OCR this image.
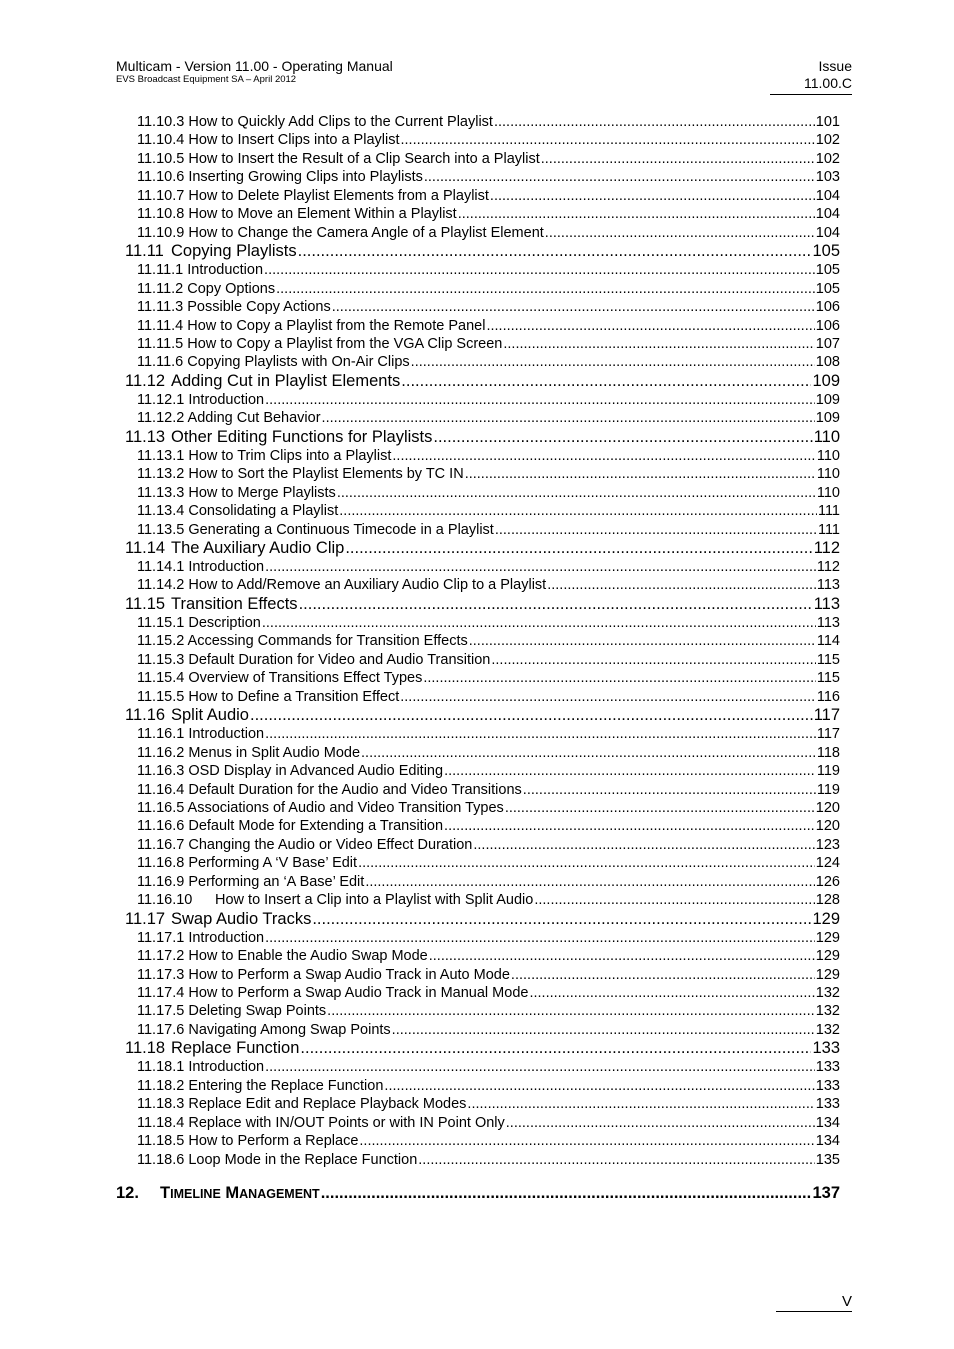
Multicam - Version 11.00 - Operating Manual
EVS Broadcast Equipment SA – April 2012
Issue
11.00.C
11.10.3 How to Quickly Add Clips to the Current Playlist .....	101
11.10.4 How to Insert Clips into a Playlist .....	102
11.10.5 How to Insert the Result of a Clip Search into a Playlist .....	102
11.10.6 Inserting Growing Clips into Playlists .....	103
11.10.7 How to Delete Playlist Elements from a Playlist .....	104
11.10.8 How to Move an Element Within a Playlist .....	104
11.10.9 How to Change the Camera Angle of a Playlist Element .....	104
11.11 Copying Playlists .....	105
11.11.1 Introduction .....	105
11.11.2 Copy Options .....	105
11.11.3 Possible Copy Actions .....	106
11.11.4 How to Copy a Playlist from the Remote Panel .....	106
11.11.5 How to Copy a Playlist from the VGA Clip Screen .....	107
11.11.6 Copying Playlists with On-Air Clips .....	108
11.12 Adding Cut in Playlist Elements .....	109
11.12.1 Introduction .....	109
11.12.2 Adding Cut Behavior .....	109
11.13 Other Editing Functions for Playlists .....	110
11.13.1 How to Trim Clips into a Playlist .....	110
11.13.2 How to Sort the Playlist Elements by TC IN .....	110
11.13.3 How to Merge Playlists .....	110
11.13.4 Consolidating a Playlist .....	111
11.13.5 Generating a Continuous Timecode in a Playlist .....	111
11.14 The Auxiliary Audio Clip .....	112
11.14.1 Introduction .....	112
11.14.2 How to Add/Remove an Auxiliary Audio Clip to a Playlist .....	113
11.15 Transition Effects .....	113
11.15.1 Description .....	113
11.15.2 Accessing Commands for Transition Effects .....	114
11.15.3 Default Duration for Video and Audio Transition .....	115
11.15.4 Overview of Transitions Effect Types .....	115
11.15.5 How to Define a Transition Effect .....	116
11.16 Split Audio .....	117
11.16.1 Introduction .....	117
11.16.2 Menus in Split Audio Mode .....	118
11.16.3 OSD Display in Advanced Audio Editing .....	119
11.16.4 Default Duration for the Audio and Video Transitions .....	119
11.16.5 Associations of Audio and Video Transition Types .....	120
11.16.6 Default Mode for Extending a Transition .....	120
11.16.7 Changing the Audio or Video Effect Duration .....	123
11.16.8 Performing A ‘V Base’ Edit .....	124
11.16.9 Performing an ‘A Base’ Edit .....	126
11.16.10 How to Insert a Clip into a Playlist with Split Audio .....	128
11.17 Swap Audio Tracks .....	129
11.17.1 Introduction .....	129
11.17.2 How to Enable the Audio Swap Mode .....	129
11.17.3 How to Perform a Swap Audio Track in Auto Mode .....	129
11.17.4 How to Perform a Swap Audio Track in Manual Mode .....	132
11.17.5 Deleting Swap Points .....	132
11.17.6 Navigating Among Swap Points .....	132
11.18 Replace Function .....	133
11.18.1 Introduction .....	133
11.18.2 Entering the Replace Function .....	133
11.18.3 Replace Edit and Replace Playback Modes .....	133
11.18.4 Replace with IN/OUT Points or with IN Point Only .....	134
11.18.5 How to Perform a Replace .....	134
11.18.6 Loop Mode in the Replace Function .....	135
12. TIMELINE MANAGEMENT .....	137
V
